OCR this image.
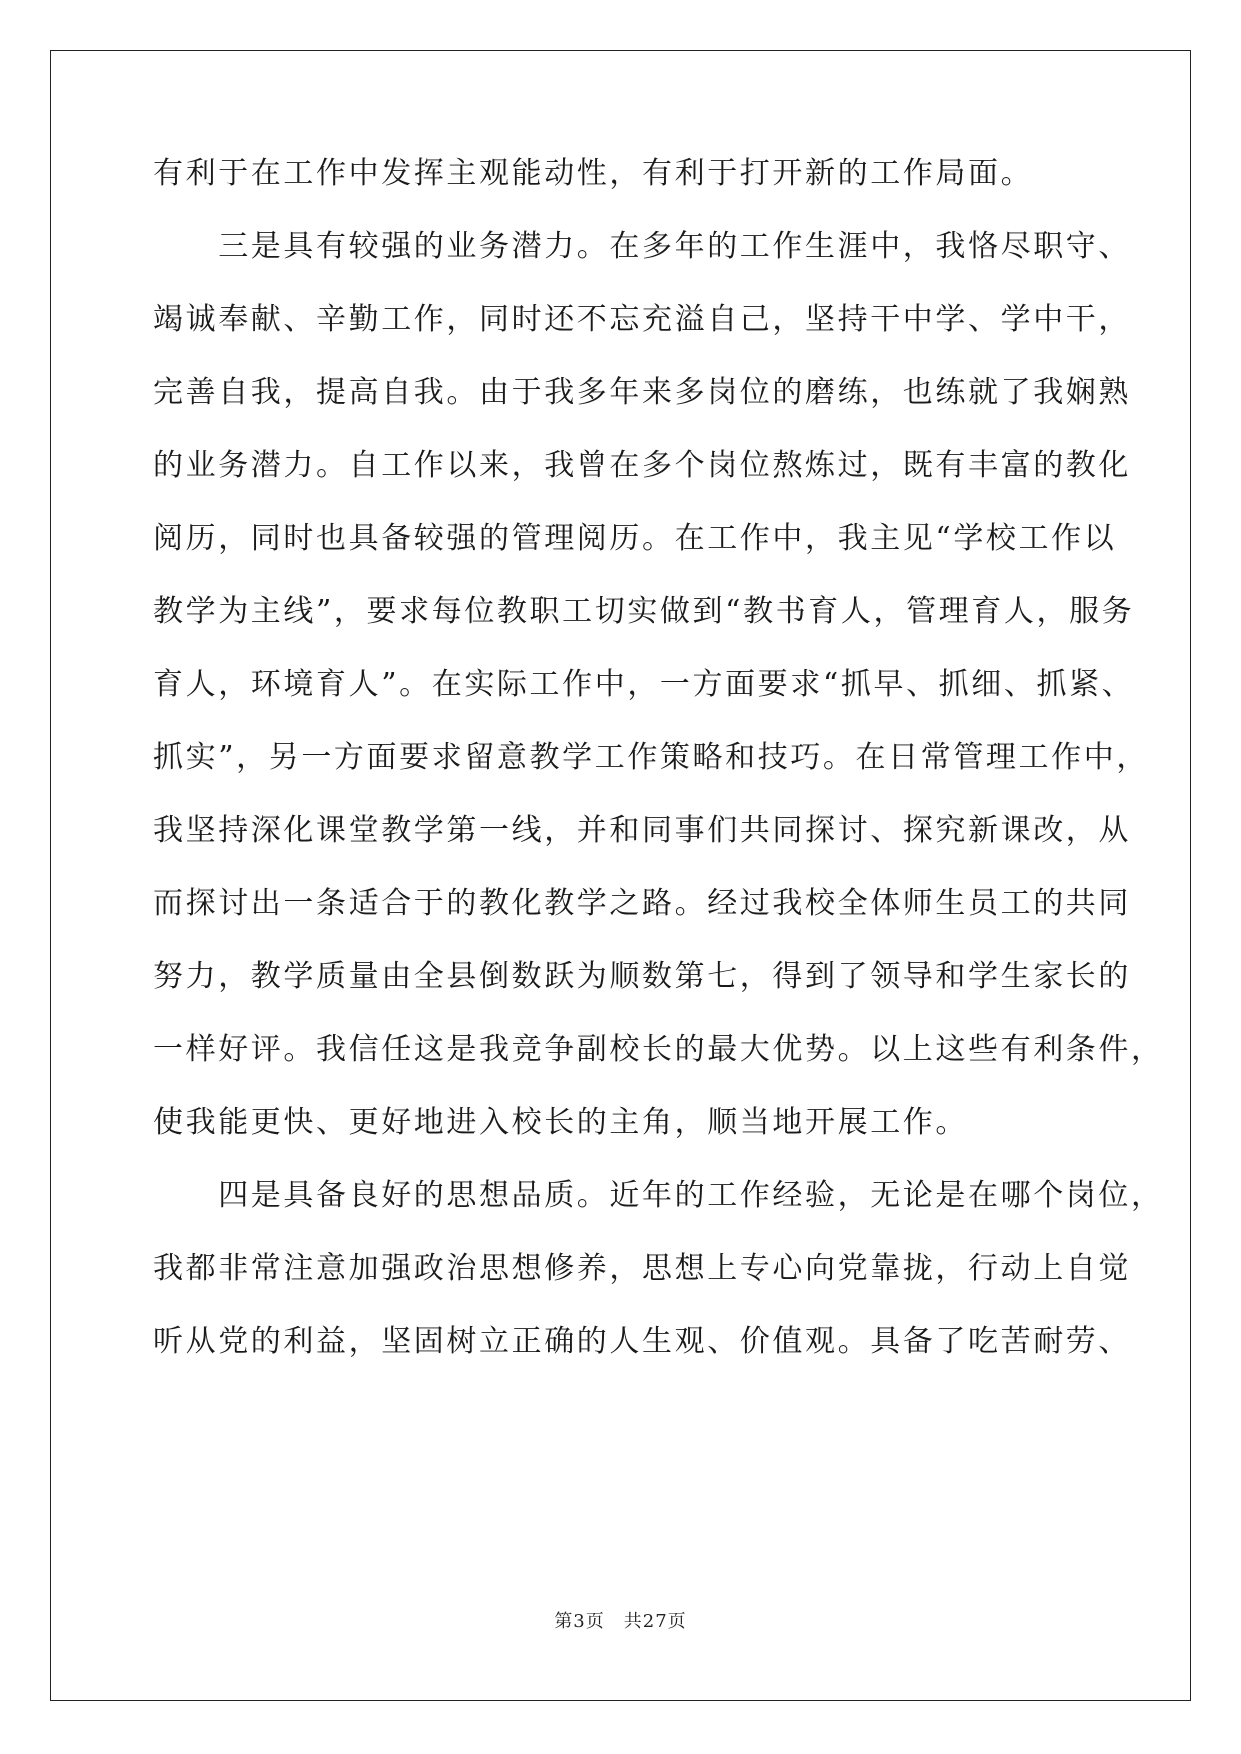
有利于在工作中发挥主观能动性，有利于打开新的工作局面。
　　三是具有较强的业务潜力。在多年的工作生涯中，我恪尽职守、
竭诚奉献、辛勤工作，同时还不忘充溢自己，坚持干中学、学中干，
完善自我，提高自我。由于我多年来多岗位的磨练，也练就了我娴熟
的业务潜力。自工作以来，我曾在多个岗位熬炼过，既有丰富的教化
阅历，同时也具备较强的管理阅历。在工作中，我主见“学校工作以
教学为主线”，要求每位教职工切实做到“教书育人，管理育人，服务
育人，环境育人”。在实际工作中，一方面要求“抓早、抓细、抓紧、
抓实”，另一方面要求留意教学工作策略和技巧。在日常管理工作中，
我坚持深化课堂教学第一线，并和同事们共同探讨、探究新课改，从
而探讨出一条适合于的教化教学之路。经过我校全体师生员工的共同
努力，教学质量由全县倒数跃为顺数第七，得到了领导和学生家长的
一样好评。我信任这是我竞争副校长的最大优势。以上这些有利条件，
使我能更快、更好地进入校长的主角，顺当地开展工作。
　　四是具备良好的思想品质。近年的工作经验，无论是在哪个岗位，
我都非常注意加强政治思想修养，思想上专心向党靠拢，行动上自觉
听从党的利益，坚固树立正确的人生观、价值观。具备了吃苦耐劳、
第3页　共27页
